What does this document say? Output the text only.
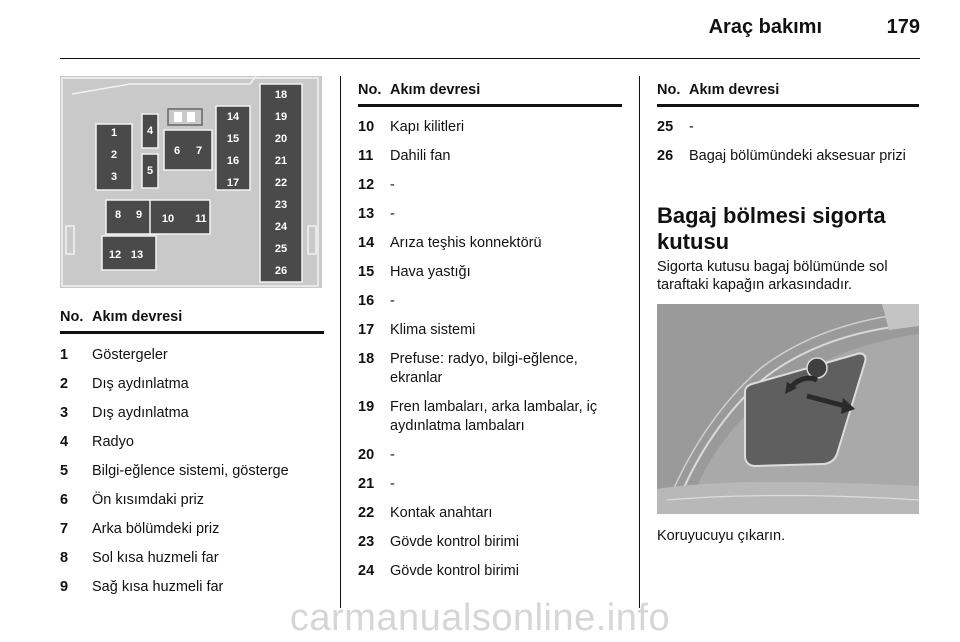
Araç bakımı	179
1
2
3
4
5
6 7
8 9 10 11
12 13
14
15
16
17
18
19
20
21
22
23
24
25
26
No. Akım devresi
1	Göstergeler
2	Dış aydınlatma
3	Dış aydınlatma
4	Radyo
5	Bilgi-eğlence sistemi, gösterge
6	Ön kısımdaki priz
7	Arka bölümdeki priz
8	Sol kısa huzmeli far
9	Sağ kısa huzmeli far
No. Akım devresi
10	Kapı kilitleri
11	Dahili fan
12	-
13	-
14	Arıza teşhis konnektörü
15	Hava yastığı
16	-
17	Klima sistemi
18	Prefuse: radyo, bilgi-eğlence, ekranlar
19	Fren lambaları, arka lambalar, iç aydınlatma lambaları
20	-
21	-
22	Kontak anahtarı
23	Gövde kontrol birimi
24	Gövde kontrol birimi
No. Akım devresi
25	-
26	Bagaj bölümündeki aksesuar prizi
Bagaj bölmesi sigorta kutusu
Sigorta kutusu bagaj bölümünde sol taraftaki kapağın arkasındadır.
Koruyucuyu çıkarın.
carmanualsonline.info
